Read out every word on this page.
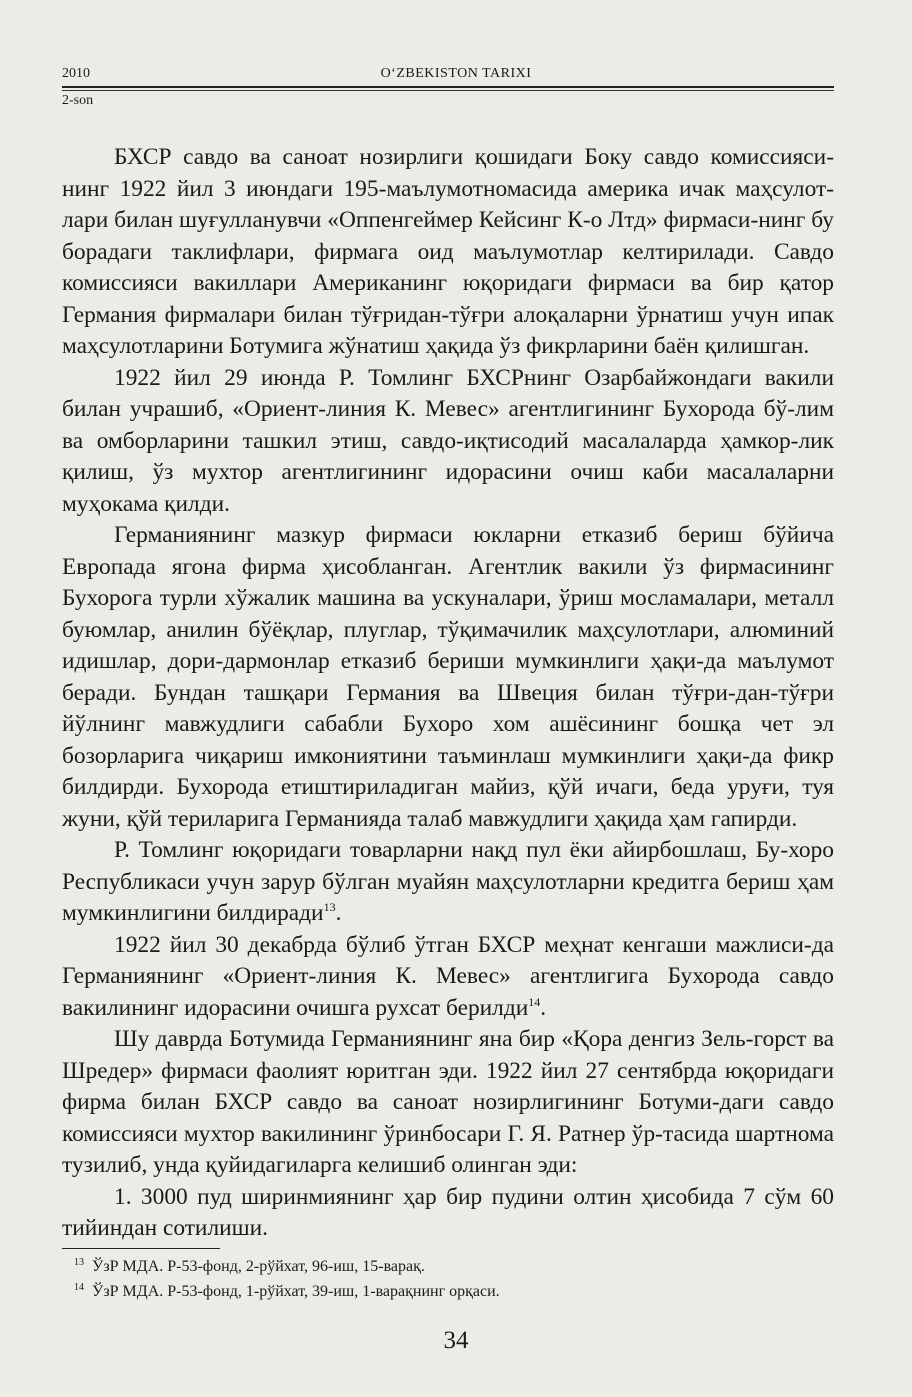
2010	O‘ZBEKISTON TARIXI
2-son

БХСР савдо ва саноат нозирлиги қошидаги Боку савдо комиссияси-нинг 1922 йил 3 июндаги 195-маълумотномасида америка ичак маҳсулот-лари билан шуғулланувчи «Оппенгеймер Кейсинг К-о Лтд» фирмаси-нинг бу борадаги таклифлари, фирмага оид маълумотлар келтирилади. Савдо комиссияси вакиллари Американинг юқоридаги фирмаси ва бир қатор Германия фирмалари билан тўғридан-тўғри алоқаларни ўрнатиш учун ипак маҳсулотларини Ботумига жўнатиш ҳақида ўз фикрларини баён қилишган.

1922 йил 29 июнда Р. Томлинг БХСРнинг Озарбайжондаги вакили билан учрашиб, «Ориент-линия К. Мевес» агентлигининг Бухорода бў-лим ва омборларини ташкил этиш, савдо-иқтисодий масалаларда ҳамкор-лик қилиш, ўз мухтор агентлигининг идорасини очиш каби масалаларни муҳокама қилди.

Германиянинг мазкур фирмаси юкларни етказиб бериш бўйича Европада ягона фирма ҳисобланган. Агентлик вакили ўз фирмасининг Бухорога турли хўжалик машина ва ускуналари, ўриш мосламалари, металл буюмлар, анилин бўёқлар, плуглар, тўқимачилик маҳсулотлари, алюминий идишлар, дори-дармонлар етказиб бериши мумкинлиги ҳақи-да маълумот беради. Бундан ташқари Германия ва Швеция билан тўғри-дан-тўғри йўлнинг мавжудлиги сабабли Бухоро хом ашёсининг бошқа чет эл бозорларига чиқариш имкониятини таъминлаш мумкинлиги ҳақи-да фикр билдирди. Бухорода етиштириладиган майиз, қўй ичаги, беда уруғи, туя жуни, қўй териларига Германияда талаб мавжудлиги ҳақида ҳам гапирди.

Р. Томлинг юқоридаги товарларни нақд пул ёки айирбошлаш, Бу-хоро Республикаси учун зарур бўлган муайян маҳсулотларни кредитга бериш ҳам мумкинлигини билдиради$^{13}$.

1922 йил 30 декабрда бўлиб ўтган БХСР меҳнат кенгаши мажлиси-да Германиянинг «Ориент-линия К. Мевес» агентлигига Бухорода савдо вакилининг идорасини очишга рухсат берилди$^{14}$.

Шу даврда Ботумида Германиянинг яна бир «Қора денгиз Зель-горст ва Шредер» фирмаси фаолият юритган эди. 1922 йил 27 сентябрда юқоридаги фирма билан БХСР савдо ва саноат нозирлигининг Ботуми-даги савдо комиссияси мухтор вакилининг ўринбосари Г. Я. Ратнер ўр-тасида шартнома тузилиб, унда қуйидагиларга келишиб олинган эди:

1. 3000 пуд ширинмиянинг ҳар бир пудини олтин ҳисобида 7 сўм 60 тийиндан сотилиши.

$^{13}$ ЎзР МДА. Р-53-фонд, 2-рўйхат, 96-иш, 15-варақ.
$^{14}$ ЎзР МДА. Р-53-фонд, 1-рўйхат, 39-иш, 1-варақнинг орқаси.
34
